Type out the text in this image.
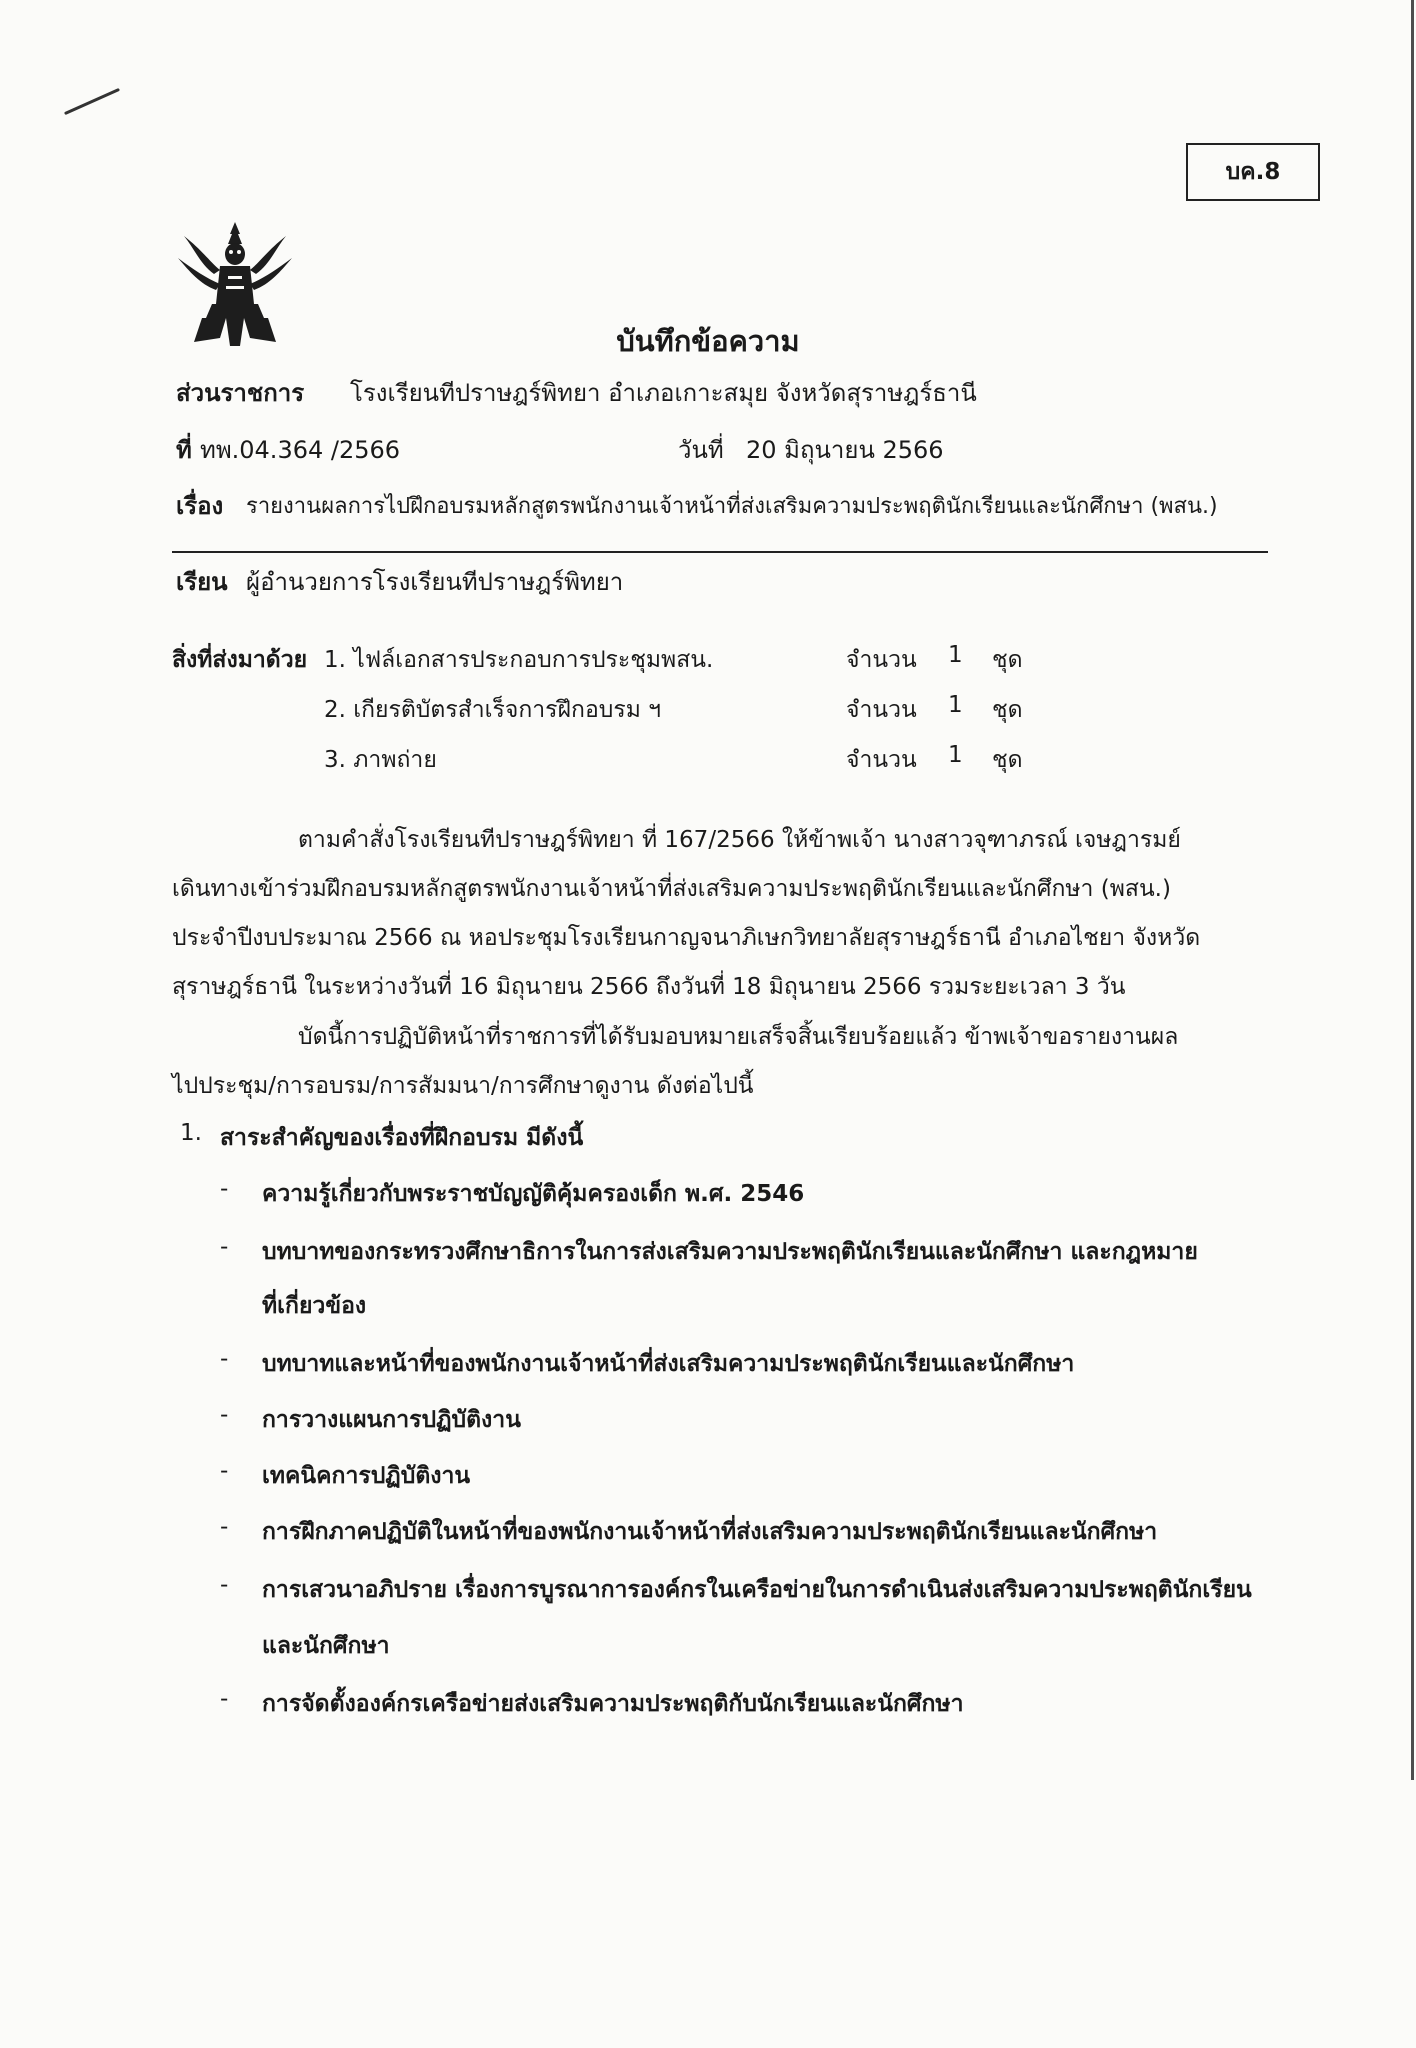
บค.8
บันทึกข้อความ
ส่วนราชการ โรงเรียนทีปราษฎร์พิทยา อำเภอเกาะสมุย จังหวัดสุราษฎร์ธานี
ที่ ทพ.04.364 /2566	วันที่ 20 มิถุนายน 2566
เรื่อง รายงานผลการไปฝึกอบรมหลักสูตรพนักงานเจ้าหน้าที่ส่งเสริมความประพฤตินักเรียนและนักศึกษา (พสน.)
เรียน ผู้อำนวยการโรงเรียนทีปราษฎร์พิทยา
สิ่งที่ส่งมาด้วย 1. ไฟล์เอกสารประกอบการประชุมพสน.	จำนวน 1 ชุด
2. เกียรติบัตรสำเร็จการฝึกอบรม ฯ	จำนวน 1 ชุด
3. ภาพถ่าย	จำนวน 1 ชุด
ตามคำสั่งโรงเรียนทีปราษฎร์พิทยา ที่ 167/2566 ให้ข้าพเจ้า นางสาวจุฑาภรณ์ เจษฎารมย์
เดินทางเข้าร่วมฝึกอบรมหลักสูตรพนักงานเจ้าหน้าที่ส่งเสริมความประพฤตินักเรียนและนักศึกษา (พสน.)
ประจำปีงบประมาณ 2566 ณ หอประชุมโรงเรียนกาญจนาภิเษกวิทยาลัยสุราษฎร์ธานี อำเภอไชยา จังหวัด
สุราษฎร์ธานี ในระหว่างวันที่ 16 มิถุนายน 2566 ถึงวันที่ 18 มิถุนายน 2566 รวมระยะเวลา 3 วัน
บัดนี้การปฏิบัติหน้าที่ราชการที่ได้รับมอบหมายเสร็จสิ้นเรียบร้อยแล้ว ข้าพเจ้าขอรายงานผล
ไปประชุม/การอบรม/การสัมมนา/การศึกษาดูงาน ดังต่อไปนี้
1. สาระสำคัญของเรื่องที่ฝึกอบรม มีดังนี้
- ความรู้เกี่ยวกับพระราชบัญญัติคุ้มครองเด็ก พ.ศ. 2546
- บทบาทของกระทรวงศึกษาธิการในการส่งเสริมความประพฤตินักเรียนและนักศึกษา และกฎหมาย
ที่เกี่ยวข้อง
- บทบาทและหน้าที่ของพนักงานเจ้าหน้าที่ส่งเสริมความประพฤตินักเรียนและนักศึกษา
- การวางแผนการปฏิบัติงาน
- เทคนิคการปฏิบัติงาน
- การฝึกภาคปฏิบัติในหน้าที่ของพนักงานเจ้าหน้าที่ส่งเสริมความประพฤตินักเรียนและนักศึกษา
- การเสวนาอภิปราย เรื่องการบูรณาการองค์กรในเครือข่ายในการดำเนินส่งเสริมความประพฤตินักเรียน
และนักศึกษา
- การจัดตั้งองค์กรเครือข่ายส่งเสริมความประพฤติกับนักเรียนและนักศึกษา
